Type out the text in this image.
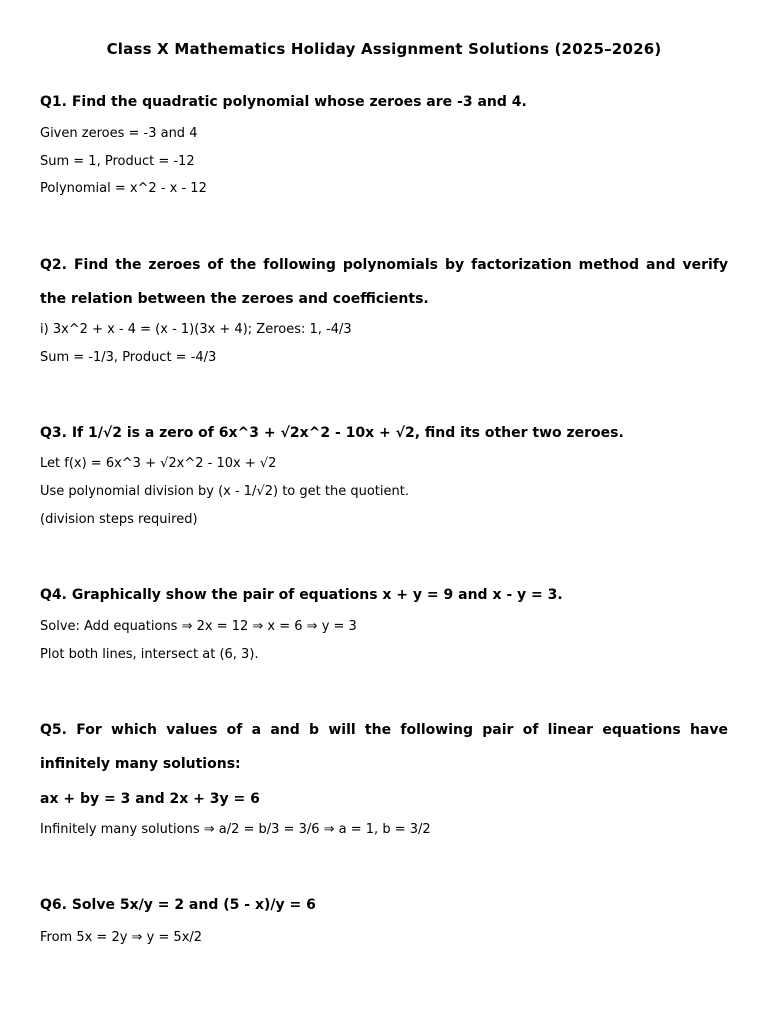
Class X Mathematics Holiday Assignment Solutions (2025–2026)
Q1. Find the quadratic polynomial whose zeroes are -3 and 4.
Given zeroes = -3 and 4
Sum = 1, Product = -12
Polynomial = x^2 - x - 12
Q2. Find the zeroes of the following polynomials by factorization method and verify the relation between the zeroes and coefficients.
i) 3x^2 + x - 4 = (x - 1)(3x + 4); Zeroes: 1, -4/3
Sum = -1/3, Product = -4/3
Q3. If 1/√2 is a zero of 6x^3 + √2x^2 - 10x + √2, find its other two zeroes.
Let f(x) = 6x^3 + √2x^2 - 10x + √2
Use polynomial division by (x - 1/√2) to get the quotient.
(division steps required)
Q4. Graphically show the pair of equations x + y = 9 and x - y = 3.
Solve: Add equations ⇒ 2x = 12 ⇒ x = 6 ⇒ y = 3
Plot both lines, intersect at (6, 3).
Q5. For which values of a and b will the following pair of linear equations have infinitely many solutions:
ax + by = 3 and 2x + 3y = 6
Infinitely many solutions ⇒ a/2 = b/3 = 3/6 ⇒ a = 1, b = 3/2
Q6. Solve 5x/y = 2 and (5 - x)/y = 6
From 5x = 2y ⇒ y = 5x/2
